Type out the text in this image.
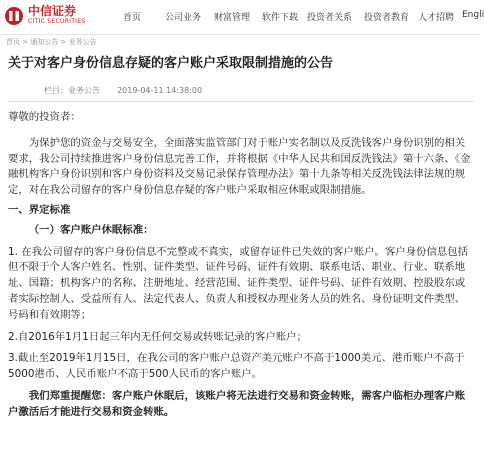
中信证券
CITIC SECURITIES	首页	公司业务 财富管理 软件下载 投资者关系 投资者教育 人才招聘 Engli
首页 > 通知公告 > 业务公告
关于对客户身份信息存疑的客户账户采取限制措施的公告
栏目：业务公告 2019-04-11 14:38:00

尊敬的投资者：

为保护您的资金与交易安全，全面落实监管部门对于账户实名制以及反洗钱客户身份识别的相关要求，我公司持续推进客户身份信息完善工作，并将根据《中华人民共和国反洗钱法》第十六条、《金融机构客户身份识别和客户身份资料及交易记录保存管理办法》第十九条等相关反洗钱法律法规的规定，对在我公司留存的客户身份信息存疑的客户账户采取相应休眠或限制措施。

一、界定标准

（一）客户账户休眠标准：

1. 在我公司留存的客户身份信息不完整或不真实，或留存证件已失效的客户账户。客户身份信息包括但不限于个人客户姓名、性别、证件类型、证件号码、证件有效期、联系电话、职业、行业、联系地址、国籍；机构客户的名称、注册地址、经营范围、证件类型、证件号码、证件有效期、控股股东或者实际控制人、受益所有人、法定代表人、负责人和授权办理业务人员的姓名、身份证明文件类型、号码和有效期等；

2.自2016年1月1日起三年内无任何交易或转账记录的客户账户；

3.截止至2019年1月15日，在我公司的客户账户总资产美元账户不高于1000美元、港币账户不高于5000港币、人民币账户不高于500人民币的客户账户。

我们郑重提醒您：客户账户休眠后，该账户将无法进行交易和资金转账，需客户临柜办理客户账户激活后才能进行交易和资金转账。
